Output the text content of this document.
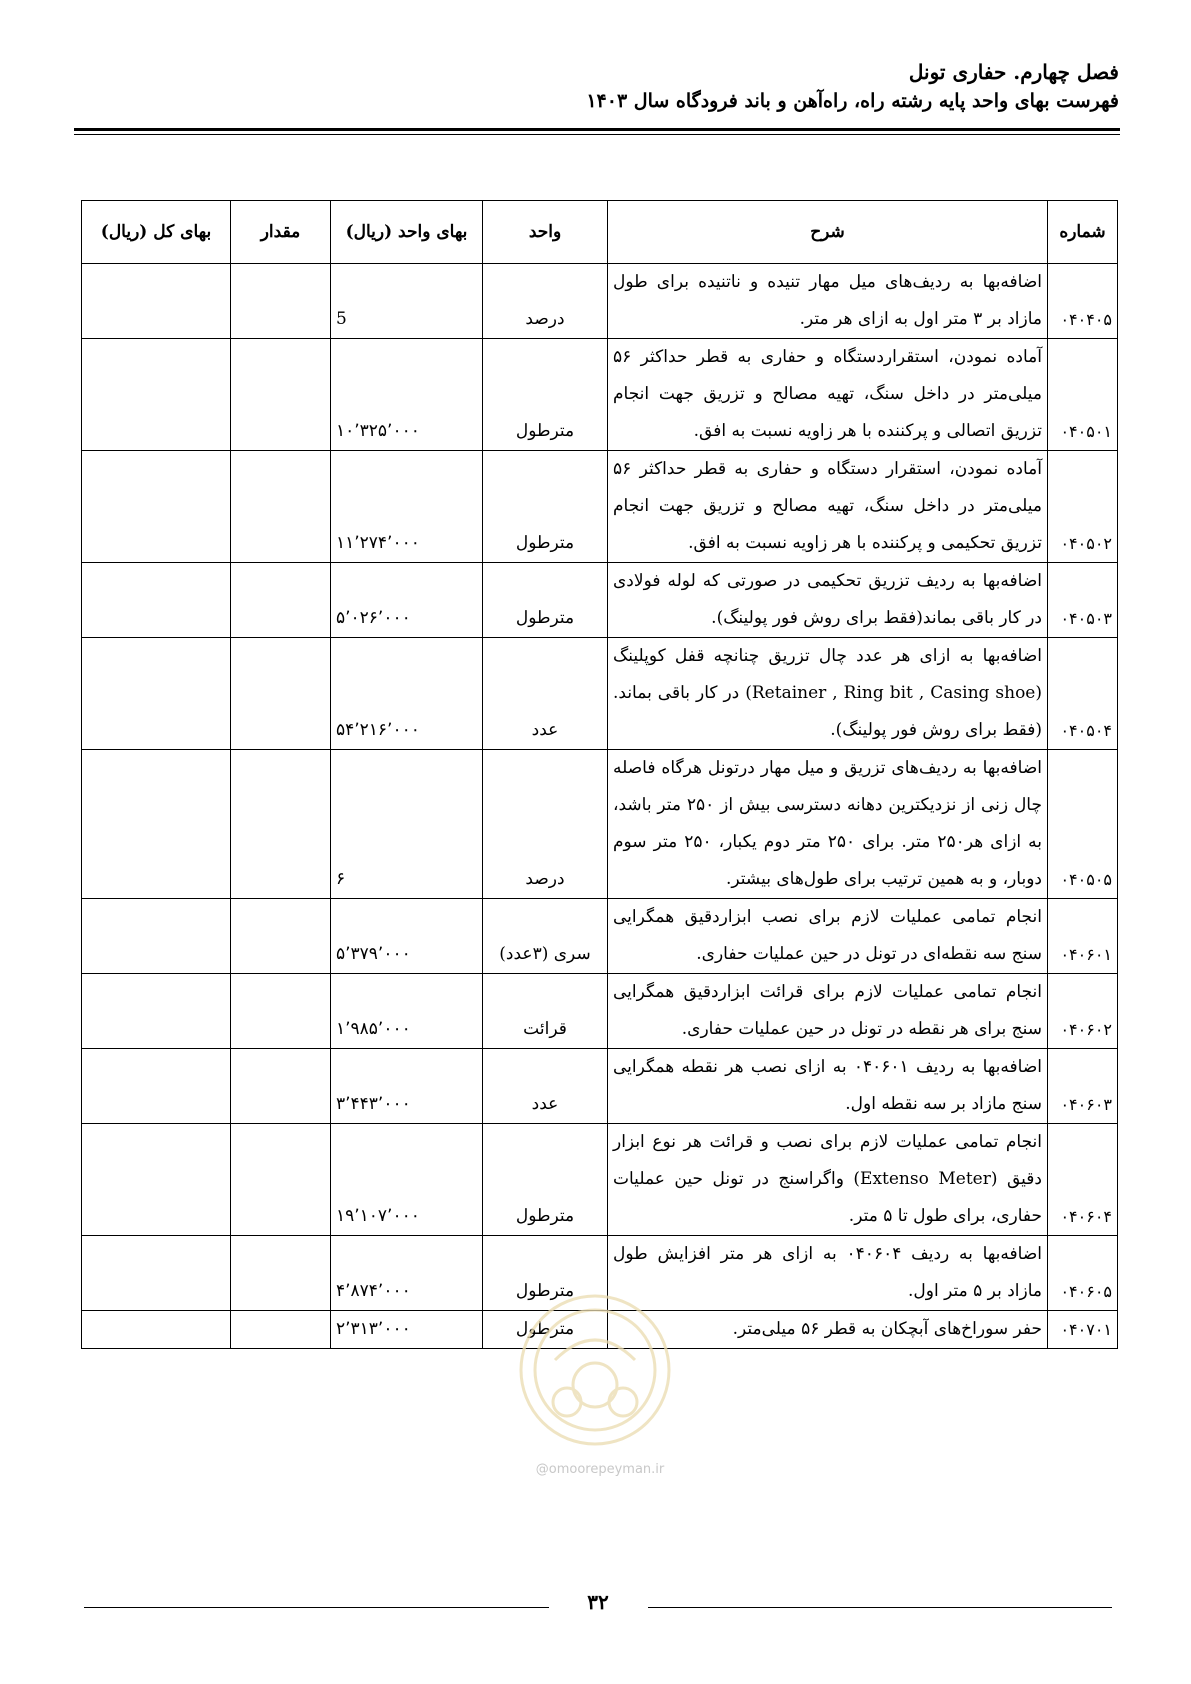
فصل چهارم. حفاری تونل
فهرست بهای واحد پایه رشته راه، راه‌آهن و باند فرودگاه سال ۱۴۰۳
شماره	شرح	واحد	بهای واحد (ریال)	مقدار	بهای کل (ریال)
۰۴۰۴۰۵	اضافه‌بها به ردیف‌های میل مهار تنیده و ناتنیده برای طول مازاد بر ۳ متر اول به ازای هر متر.	درصد	5		
۰۴۰۵۰۱	آماده نمودن، استقراردستگاه و حفاری به قطر حداکثر ۵۶ میلی‌متر در داخل سنگ، تهیه مصالح و تزریق جهت انجام تزریق اتصالی و پرکننده با هر زاویه نسبت به افق.	مترطول	۱۰٬۳۲۵٬۰۰۰		
۰۴۰۵۰۲	آماده نمودن، استقرار دستگاه و حفاری به قطر حداکثر ۵۶ میلی‌متر در داخل سنگ، تهیه مصالح و تزریق جهت انجام تزریق تحکیمی و پرکننده با هر زاویه نسبت به افق.	مترطول	۱۱٬۲۷۴٬۰۰۰		
۰۴۰۵۰۳	اضافه‌بها به ردیف تزریق تحکیمی در صورتی که لوله فولادی در کار باقی بماند(فقط برای روش فور پولینگ).	مترطول	۵٬۰۲۶٬۰۰۰		
۰۴۰۵۰۴	اضافه‌بها به ازای هر عدد چال تزریق چنانچه قفل کوپلینگ (Retainer , Ring bit , Casing shoe) در کار باقی بماند. (فقط برای روش فور پولینگ).	عدد	۵۴٬۲۱۶٬۰۰۰		
۰۴۰۵۰۵	اضافه‌بها به ردیف‌های تزریق و میل مهار درتونل هرگاه فاصله چال زنی از نزدیکترین دهانه دسترسی بیش از ۲۵۰ متر باشد، به ازای هر۲۵۰ متر. برای ۲۵۰ متر دوم یکبار، ۲۵۰ متر سوم دوبار، و به همین ترتیب برای طول‌های بیشتر.	درصد	۶		
۰۴۰۶۰۱	انجام تمامی عملیات لازم برای نصب ابزاردقیق همگرایی سنج سه نقطه‌ای در تونل در حین عملیات حفاری.	سری (۳عدد)	۵٬۳۷۹٬۰۰۰		
۰۴۰۶۰۲	انجام تمامی عملیات لازم برای قرائت ابزاردقیق همگرایی سنج برای هر نقطه در تونل در حین عملیات حفاری.	قرائت	۱٬۹۸۵٬۰۰۰		
۰۴۰۶۰۳	اضافه‌بها به ردیف ۰۴۰۶۰۱ به ازای نصب هر نقطه همگرایی سنج مازاد بر سه نقطه اول.	عدد	۳٬۴۴۳٬۰۰۰		
۰۴۰۶۰۴	انجام تمامی عملیات لازم برای نصب و قرائت هر نوع ابزار دقیق (Extenso Meter) واگراسنج در تونل حین عملیات حفاری، برای طول تا ۵ متر.	مترطول	۱۹٬۱۰۷٬۰۰۰		
۰۴۰۶۰۵	اضافه‌بها به ردیف ۰۴۰۶۰۴ به ازای هر متر افزایش طول مازاد بر ۵ متر اول.	مترطول	۴٬۸۷۴٬۰۰۰		
۰۴۰۷۰۱	حفر سوراخ‌های آبچکان به قطر ۵۶ میلی‌متر.	مترطول	۲٬۳۱۳٬۰۰۰		
@omoorepeyman.ir
۳۲
